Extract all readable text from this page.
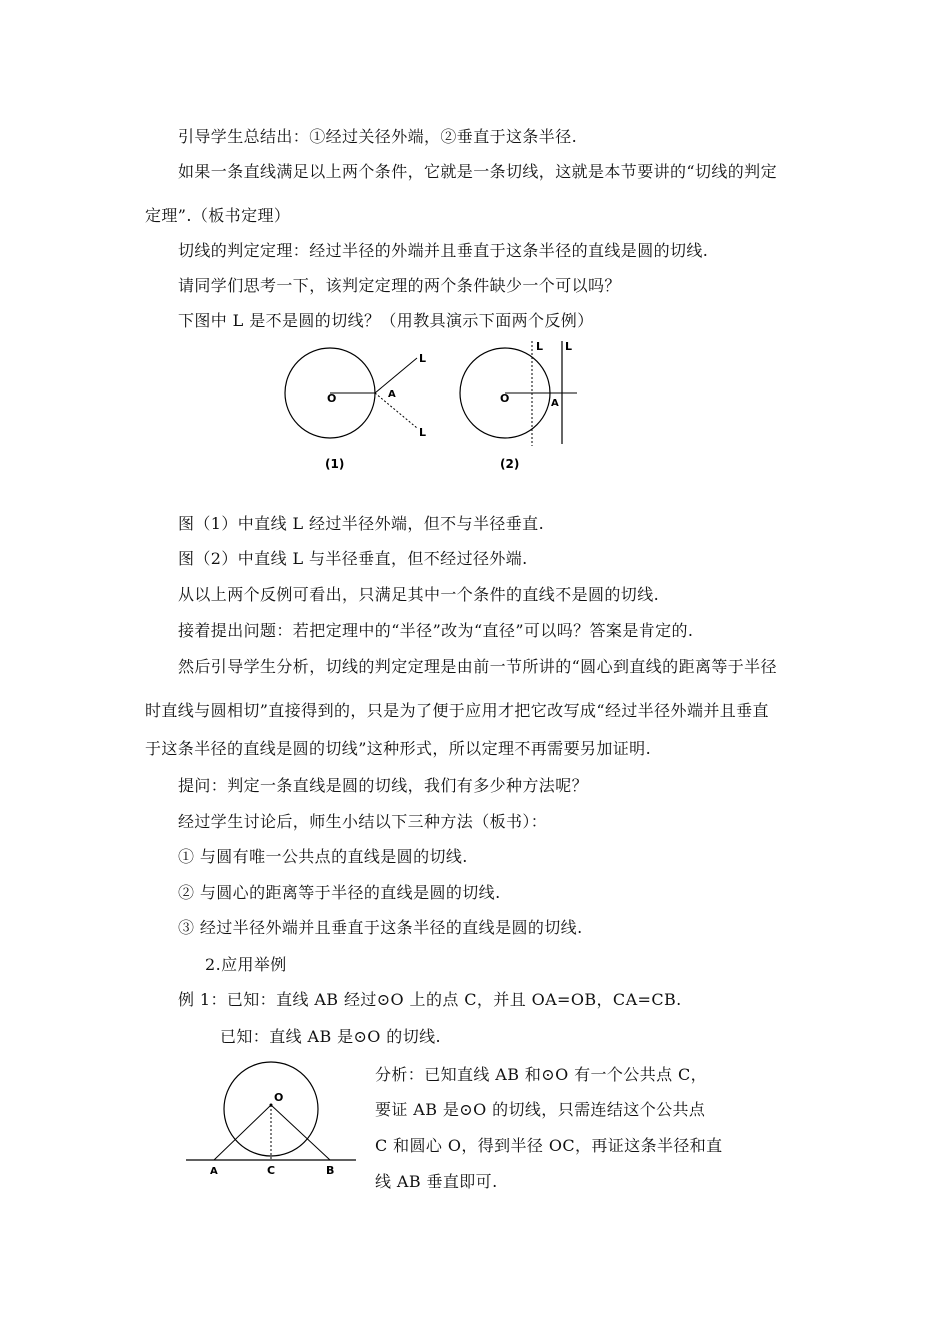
引导学生总结出：①经过关径外端，②垂直于这条半径.
如果一条直线满足以上两个条件，它就是一条切线，这就是本节要讲的“切线的判定
定理”.（板书定理）
切线的判定定理：经过半径的外端并且垂直于这条半径的直线是圆的切线.
请同学们思考一下，该判定定理的两个条件缺少一个可以吗？
下图中 L 是不是圆的切线？（用教具演示下面两个反例）
O	A
L
L
(1)
O	A
L L
(2)
图（1）中直线 L 经过半径外端，但不与半径垂直.
图（2）中直线 L 与半径垂直，但不经过径外端.
从以上两个反例可看出，只满足其中一个条件的直线不是圆的切线.
接着提出问题：若把定理中的“半径”改为“直径”可以吗？答案是肯定的.
然后引导学生分析，切线的判定定理是由前一节所讲的“圆心到直线的距离等于半径
时直线与圆相切”直接得到的，只是为了便于应用才把它改写成“经过半径外端并且垂直
于这条半径的直线是圆的切线”这种形式，所以定理不再需要另加证明.
提问：判定一条直线是圆的切线，我们有多少种方法呢？
经过学生讨论后，师生小结以下三种方法（板书）：
① 与圆有唯一公共点的直线是圆的切线.
② 与圆心的距离等于半径的直线是圆的切线.
③ 经过半径外端并且垂直于这条半径的直线是圆的切线.
2.应用举例
例 1：已知：直线 AB 经过⊙O 上的点 C，并且 OA=OB，CA=CB.
已知：直线 AB 是⊙O 的切线.
O
A	C	B
分析：已知直线 AB 和⊙O 有一个公共点 C，
要证 AB 是⊙O 的切线，只需连结这个公共点
C 和圆心 O，得到半径 OC，再证这条半径和直
线 AB 垂直即可.
